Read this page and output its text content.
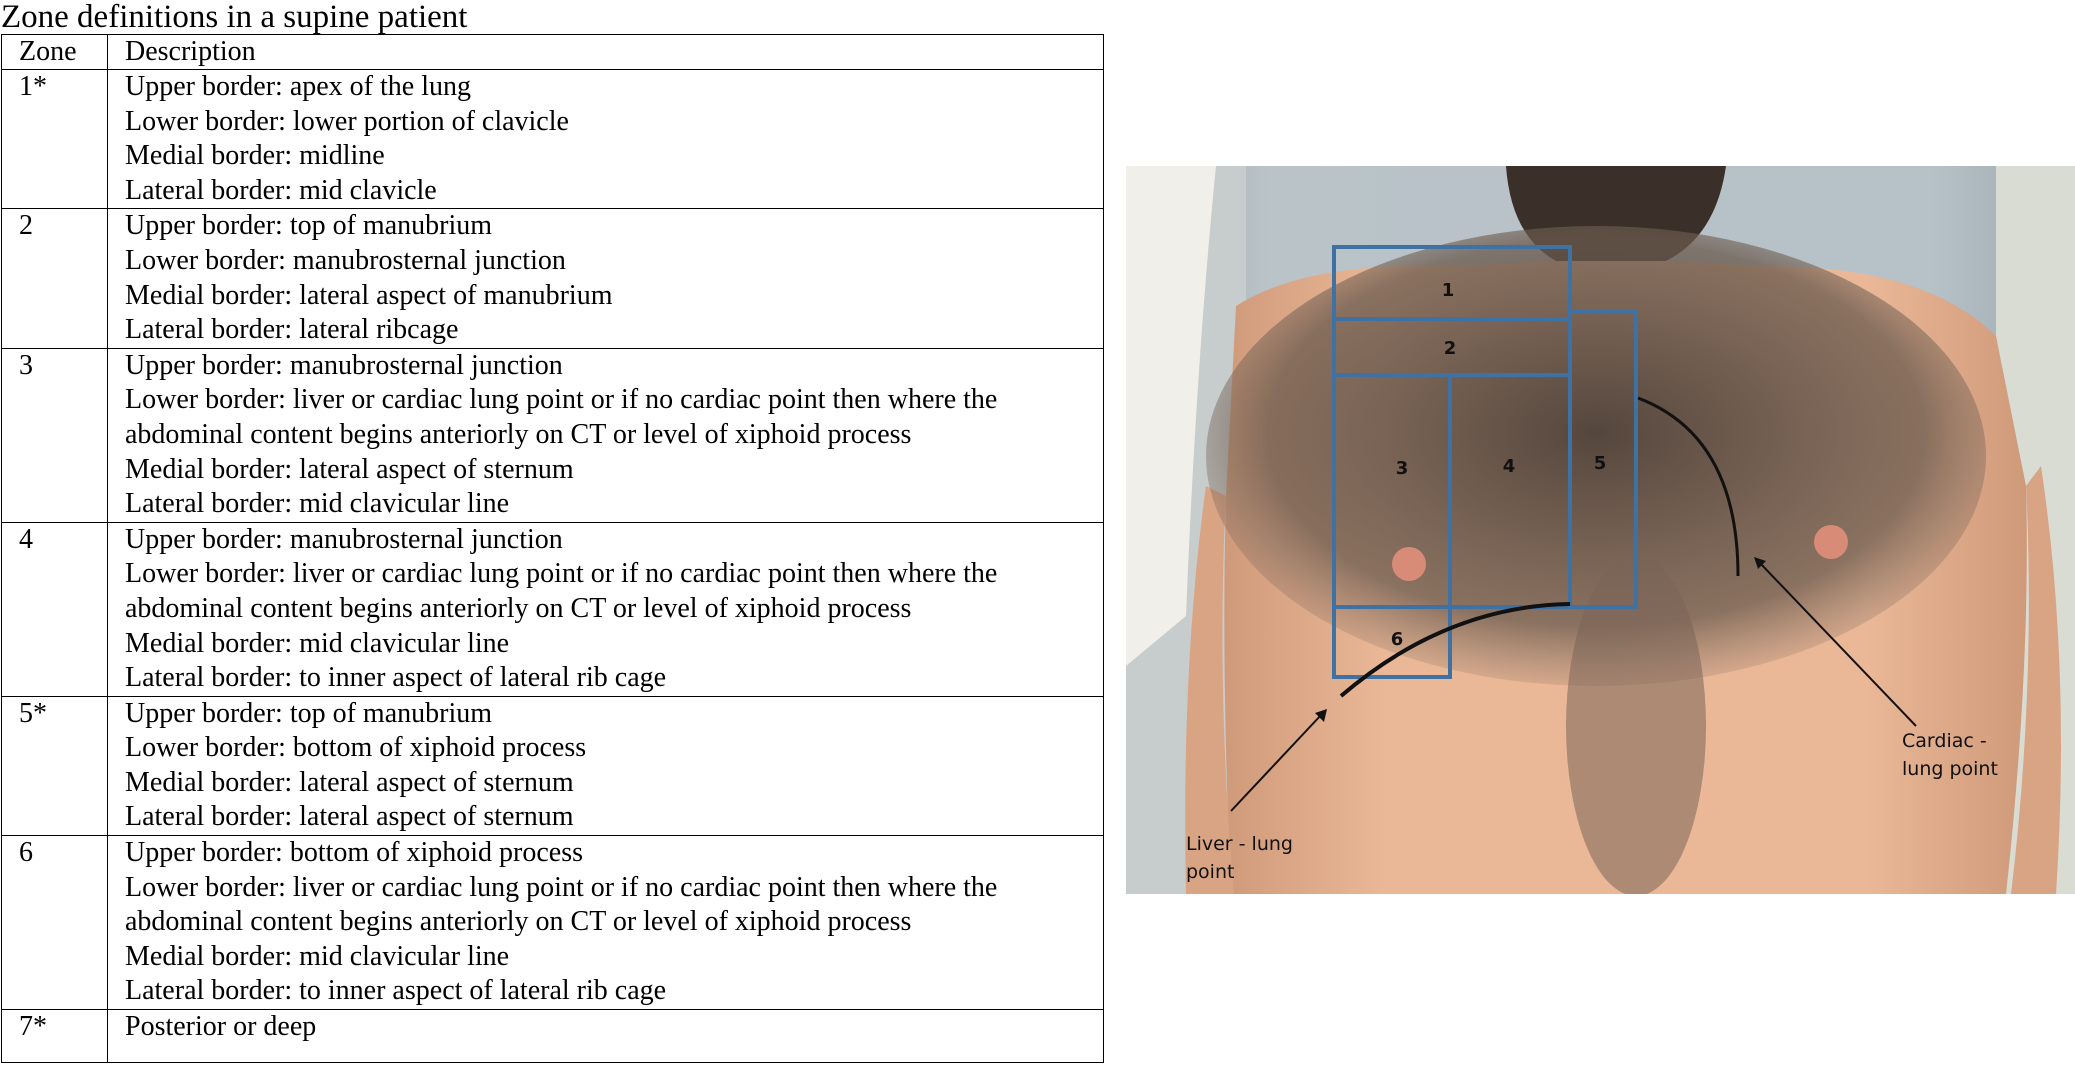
Zone definitions in a supine patient
Zone	Description
1*	Upper border: apex of the lung
Lower border: lower portion of clavicle
Medial border: midline
Lateral border: mid clavicle

2	Upper border: top of manubrium
Lower border: manubrosternal junction
Medial border: lateral aspect of manubrium
Lateral border: lateral ribcage

3	Upper border: manubrosternal junction
Lower border: liver or cardiac lung point or if no cardiac point then where the
abdominal content begins anteriorly on CT or level of xiphoid process
Medial border: lateral aspect of sternum
Lateral border: mid clavicular line

4	Upper border: manubrosternal junction
Lower border: liver or cardiac lung point or if no cardiac point then where the
abdominal content begins anteriorly on CT or level of xiphoid process
Medial border: mid clavicular line
Lateral border: to inner aspect of lateral rib cage

5*	Upper border: top of manubrium
Lower border: bottom of xiphoid process
Medial border: lateral aspect of sternum
Lateral border: lateral aspect of sternum

6	Upper border: bottom of xiphoid process
Lower border: liver or cardiac lung point or if no cardiac point then where the
abdominal content begins anteriorly on CT or level of xiphoid process
Medial border: mid clavicular line
Lateral border: to inner aspect of lateral rib cage

7*	Posterior or deep
1
2
3	4	5
6
Liver - lung
point
Cardiac -
lung point
